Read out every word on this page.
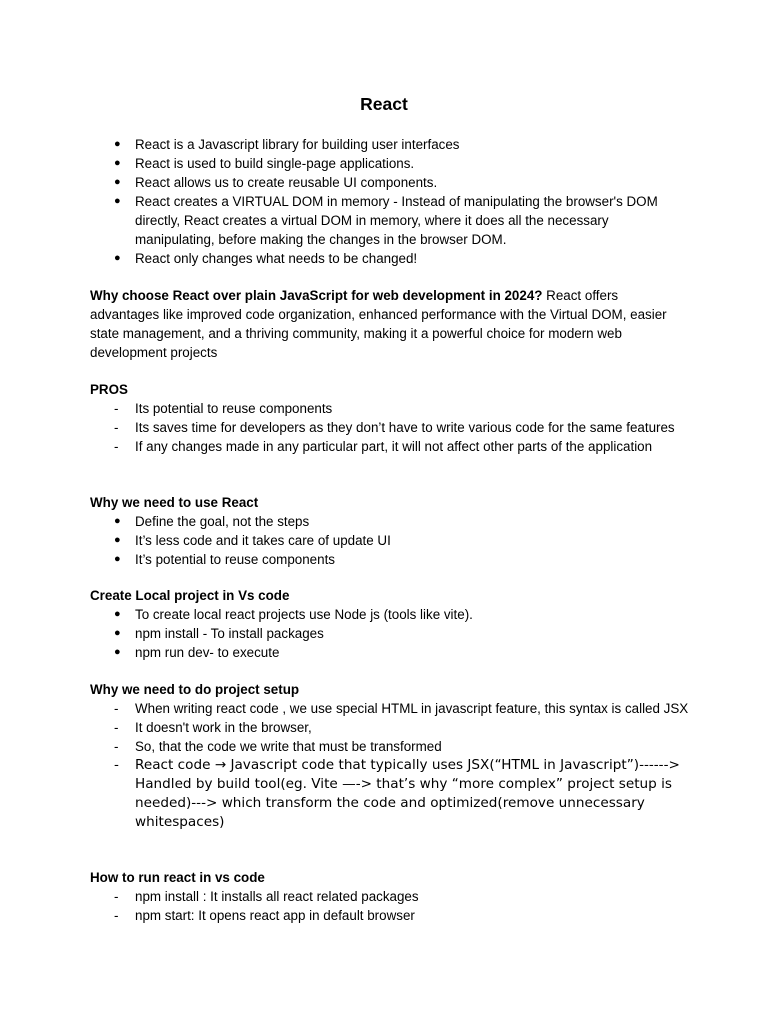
React
●	React is a Javascript library for building user interfaces
●	React is used to build single-page applications.
●	React allows us to create reusable UI components.
●	React creates a VIRTUAL DOM in memory - Instead of manipulating the browser's DOM directly, React creates a virtual DOM in memory, where it does all the necessary manipulating, before making the changes in the browser DOM.
●	React only changes what needs to be changed!

Why choose React over plain JavaScript for web development in 2024? React offers advantages like improved code organization, enhanced performance with the Virtual DOM, easier state management, and a thriving community, making it a powerful choice for modern web development projects

PROS

-	Its potential to reuse components
-	Its saves time for developers as they don’t have to write various code for the same features
-	If any changes made in any particular part, it will not affect other parts of the application

Why we need to use React

●	Define the goal, not the steps
●	It’s less code and it takes care of update UI
●	It’s potential to reuse components

Create Local project in Vs code

●	To create local react projects use Node js (tools like vite).
●	npm install - To install packages
●	npm run dev- to execute

Why we need to do project setup

-	When writing react code , we use special HTML in javascript feature, this syntax is called JSX
-	It doesn't work in the browser,
-	So, that the code we write that must be transformed
-	React code → Javascript code that typically uses JSX(“HTML in Javascript”)------> Handled by build tool(eg. Vite —-> that’s why “more complex” project setup is needed)---> which transform the code and optimized(remove unnecessary whitespaces)

How to run react in vs code

-	npm install : It installs all react related packages
-	npm start: It opens react app in default browser
